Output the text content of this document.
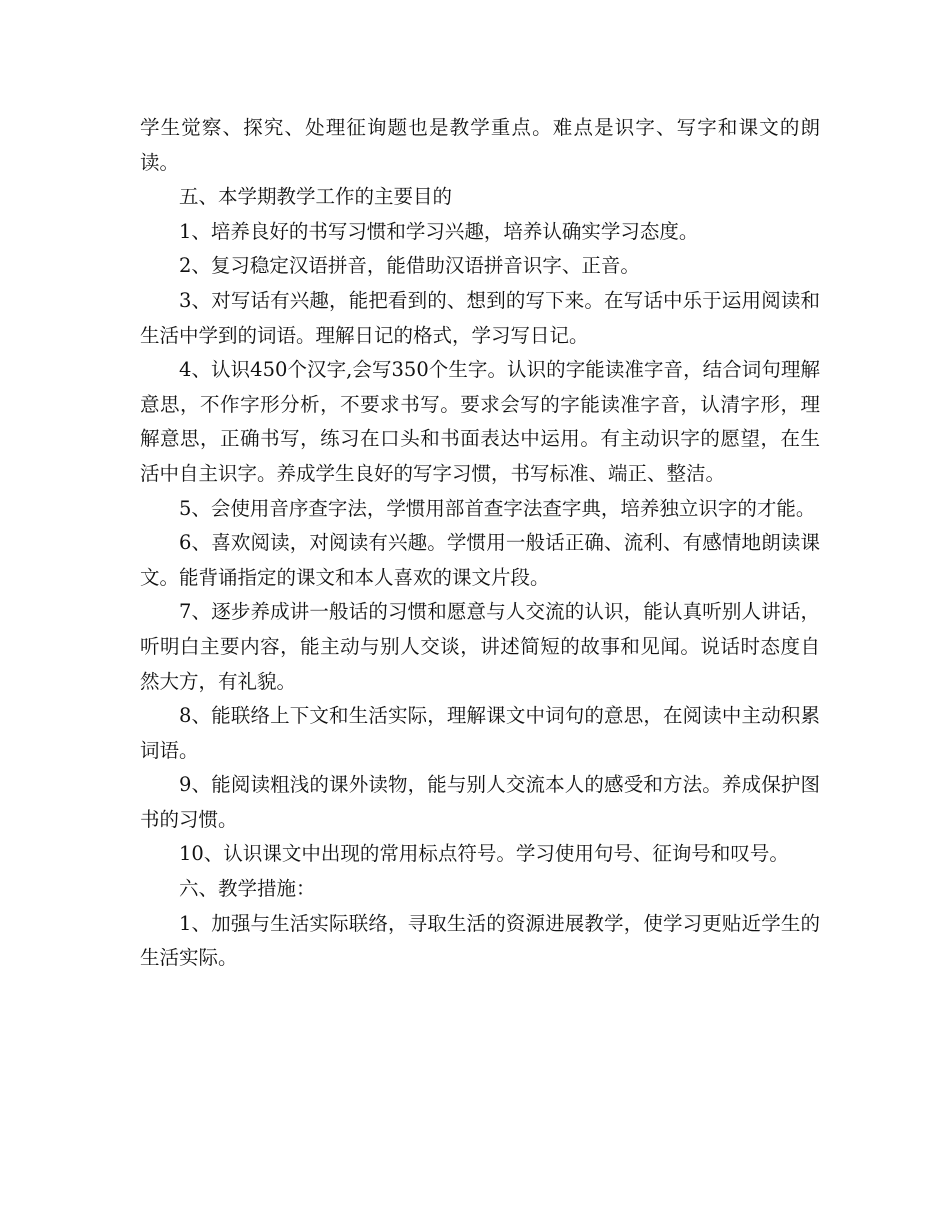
学生觉察、探究、处理征询题也是教学重点。难点是识字、写字和课文的朗读。

五、本学期教学工作的主要目的

1、培养良好的书写习惯和学习兴趣，培养认确实学习态度。

2、复习稳定汉语拼音，能借助汉语拼音识字、正音。

3、对写话有兴趣，能把看到的、想到的写下来。在写话中乐于运用阅读和生活中学到的词语。理解日记的格式，学习写日记。

4、认识450个汉字,会写350个生字。认识的字能读准字音，结合词句理解意思，不作字形分析，不要求书写。要求会写的字能读准字音，认清字形，理解意思，正确书写，练习在口头和书面表达中运用。有主动识字的愿望，在生活中自主识字。养成学生良好的写字习惯，书写标准、端正、整洁。

5、会使用音序查字法，学惯用部首查字法查字典，培养独立识字的才能。

6、喜欢阅读，对阅读有兴趣。学惯用一般话正确、流利、有感情地朗读课文。能背诵指定的课文和本人喜欢的课文片段。

7、逐步养成讲一般话的习惯和愿意与人交流的认识，能认真听别人讲话，听明白主要内容，能主动与别人交谈，讲述简短的故事和见闻。说话时态度自然大方，有礼貌。

8、能联络上下文和生活实际，理解课文中词句的意思，在阅读中主动积累词语。

9、能阅读粗浅的课外读物，能与别人交流本人的感受和方法。养成保护图书的习惯。

10、认识课文中出现的常用标点符号。学习使用句号、征询号和叹号。

六、教学措施：

1、加强与生活实际联络，寻取生活的资源进展教学，使学习更贴近学生的生活实际。
